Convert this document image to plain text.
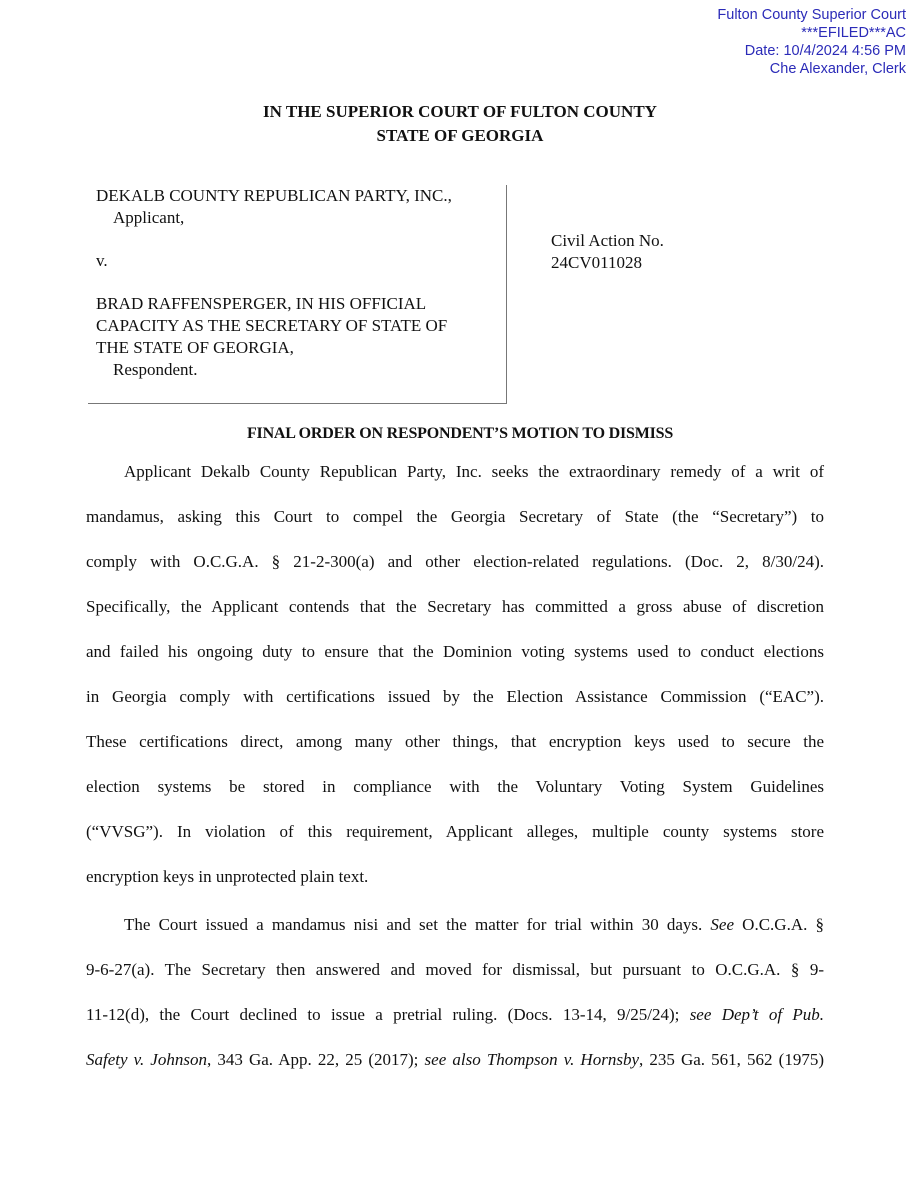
Fulton County Superior Court
***EFILED***AC
Date: 10/4/2024 4:56 PM
Che Alexander, Clerk
IN THE SUPERIOR COURT OF FULTON COUNTY
STATE OF GEORGIA
DEKALB COUNTY REPUBLICAN PARTY, INC.,
Applicant,
v.
BRAD RAFFENSPERGER, IN HIS OFFICIAL
CAPACITY AS THE SECRETARY OF STATE OF
THE STATE OF GEORGIA,
Respondent.
Civil Action No.
24CV011028
FINAL ORDER ON RESPONDENT’S MOTION TO DISMISS
Applicant Dekalb County Republican Party, Inc. seeks the extraordinary remedy of a writ of
mandamus, asking this Court to compel the Georgia Secretary of State (the “Secretary”) to
comply with O.C.G.A. § 21-2-300(a) and other election-related regulations. (Doc. 2, 8/30/24).
Specifically, the Applicant contends that the Secretary has committed a gross abuse of discretion
and failed his ongoing duty to ensure that the Dominion voting systems used to conduct elections
in Georgia comply with certifications issued by the Election Assistance Commission (“EAC”).
These certifications direct, among many other things, that encryption keys used to secure the
election systems be stored in compliance with the Voluntary Voting System Guidelines
(“VVSG”). In violation of this requirement, Applicant alleges, multiple county systems store
encryption keys in unprotected plain text.
The Court issued a mandamus nisi and set the matter for trial within 30 days. See O.C.G.A. §
9-6-27(a). The Secretary then answered and moved for dismissal, but pursuant to O.C.G.A. § 9-
11-12(d), the Court declined to issue a pretrial ruling. (Docs. 13-14, 9/25/24); see Dep’t of Pub.
Safety v. Johnson, 343 Ga. App. 22, 25 (2017); see also Thompson v. Hornsby, 235 Ga. 561, 562 (1975)
